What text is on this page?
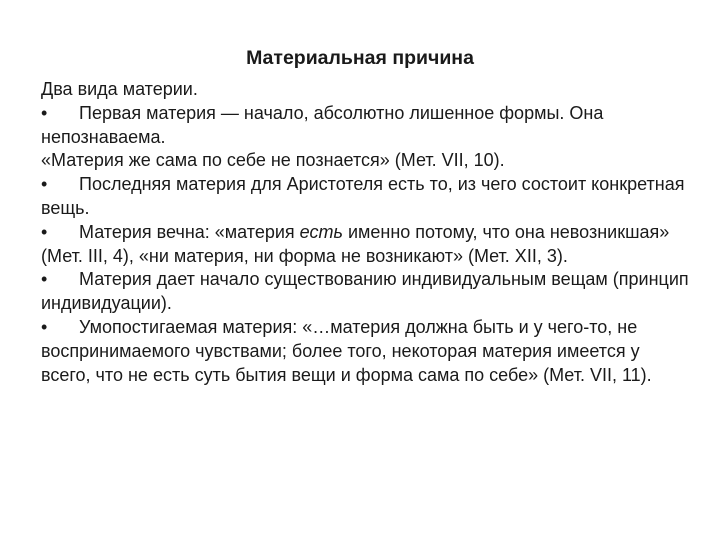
Материальная причина

Два вида материи.

• Первая материя — начало, абсолютно лишенное формы. Она непознаваема.

«Материя же сама по себе не познается» (Мет. VII, 10).

• Последняя материя для Аристотеля есть то, из чего состоит конкретная вещь.

• Материя вечна: «материя есть именно потому, что она невозникшая» (Мет. III, 4), «ни материя, ни форма не возникают» (Мет. XII, 3).

• Материя дает начало существованию индивидуальным вещам (принцип индивидуации).

• Умопостигаемая материя: «…материя должна быть и у чего-то, не воспринимаемого чувствами; более того, некоторая материя имеется у всего, что не есть суть бытия вещи и форма сама по себе» (Мет. VII, 11).
